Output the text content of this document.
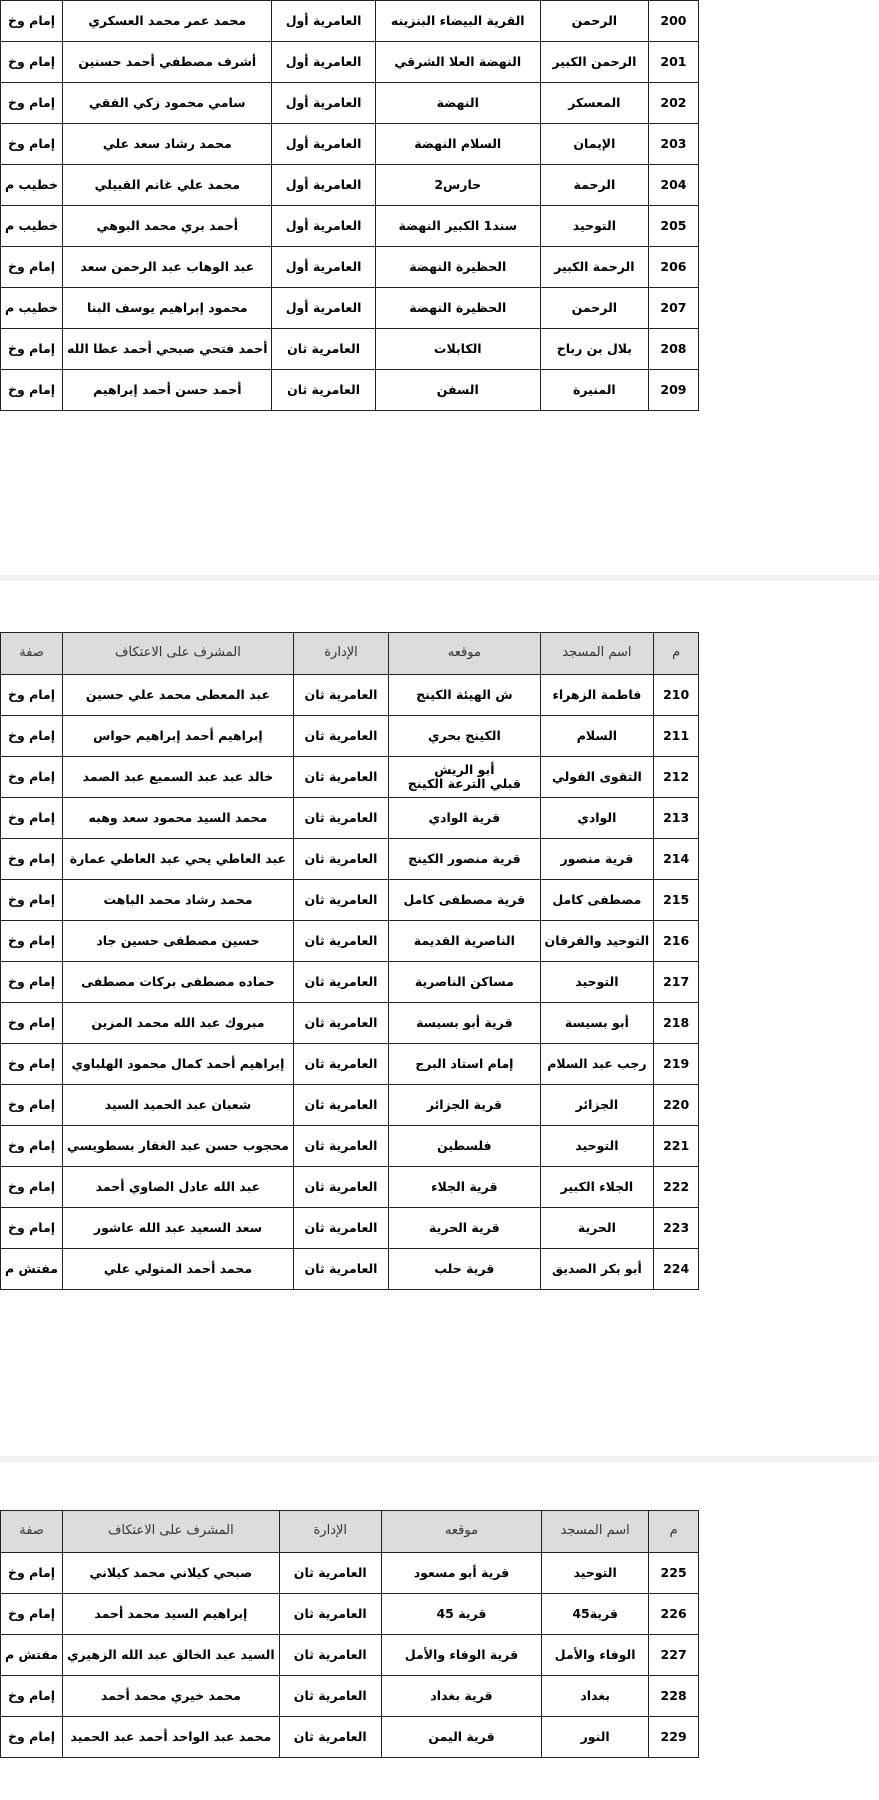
200	الرحمن	القرية البيضاء البنزينه	العامرية أول	محمد عمر محمد العسكري	إمام وخ
201	الرحمن الكبير	النهضة العلا الشرقي	العامرية أول	أشرف مصطفي أحمد حسنين	إمام وخ
202	المعسكر	النهضة	العامرية أول	سامي محمود زكي الفقي	إمام وخ
203	الإيمان	السلام النهضة	العامرية أول	محمد رشاد سعد علي	إمام وخ
204	الرحمة	حارس2	العامرية أول	محمد علي غانم القبيلي	خطيب م
205	التوحيد	سند1 الكبير النهضة	العامرية أول	أحمد بري محمد البوهي	خطيب م
206	الرحمة الكبير	الحظيرة النهضة	العامرية أول	عبد الوهاب عبد الرحمن سعد	إمام وخ
207	الرحمن	الحظيرة النهضة	العامرية أول	محمود إبراهيم يوسف البنا	خطيب م
208	بلال بن رباح	الكابلات	العامرية ثان	أحمد فتحي صبحي أحمد عطا الله	إمام وخ
209	المنيرة	السفن	العامرية ثان	أحمد حسن أحمد إبراهيم	إمام وخ
م	اسم المسجد	موقعه	الإدارة	المشرف على الاعتكاف	صفة
210	فاطمة الزهراء	ش الهيئة الكينج	العامرية ثان	عبد المعطى محمد علي حسين	إمام وخ
211	السلام	الكينج بحري	العامرية ثان	إبراهيم أحمد إبراهيم حواس	إمام وخ
212	التقوى الفولي	أبو الريش
قبلي الترعة الكينج	العامرية ثان	خالد عبد عبد السميع عبد الصمد	إمام وخ
213	الوادي	قرية الوادي	العامرية ثان	محمد السيد محمود سعد وهبه	إمام وخ
214	قرية منصور	قرية منصور الكينج	العامرية ثان	عبد العاطي يحي عبد العاطي عمارة	إمام وخ
215	مصطفى كامل	قرية مصطفى كامل	العامرية ثان	محمد رشاد محمد الباهت	إمام وخ
216	التوحيد والفرقان	الناصرية القديمة	العامرية ثان	حسين مصطفى حسين جاد	إمام وخ
217	التوحيد	مساكن الناصرية	العامرية ثان	حماده مصطفى بركات مصطفى	إمام وخ
218	أبو بسيسة	قرية أبو بسيسة	العامرية ثان	مبروك عبد الله محمد المزين	إمام وخ
219	رجب عبد السلام	إمام استاد البرج	العامرية ثان	إبراهيم أحمد كمال محمود الهلباوي	إمام وخ
220	الجزائر	قرية الجزائر	العامرية ثان	شعبان عبد الحميد السيد	إمام وخ
221	التوحيد	فلسطين	العامرية ثان	محجوب حسن عبد الغفار بسطويسي	إمام وخ
222	الجلاء الكبير	قرية الجلاء	العامرية ثان	عبد الله عادل الصاوي أحمد	إمام وخ
223	الحرية	قرية الحرية	العامرية ثان	سعد السعيد عبد الله عاشور	إمام وخ
224	أبو بكر الصديق	قرية حلب	العامرية ثان	محمد أحمد المتولي علي	مفتش م
م	اسم المسجد	موقعه	الإدارة	المشرف على الاعتكاف	صفة
225	التوحيد	قرية أبو مسعود	العامرية ثان	صبحي كيلاني محمد كيلاني	إمام وخ
226	قرية45	قرية 45	العامرية ثان	إبراهيم السيد محمد أحمد	إمام وخ
227	الوفاء والأمل	قرية الوفاء والأمل	العامرية ثان	السيد عبد الخالق عبد الله الزهيري	مفتش م
228	بغداد	قرية بغداد	العامرية ثان	محمد خيري محمد أحمد	إمام وخ
229	النور	قرية اليمن	العامرية ثان	محمد عبد الواحد أحمد عبد الحميد	إمام وخ
